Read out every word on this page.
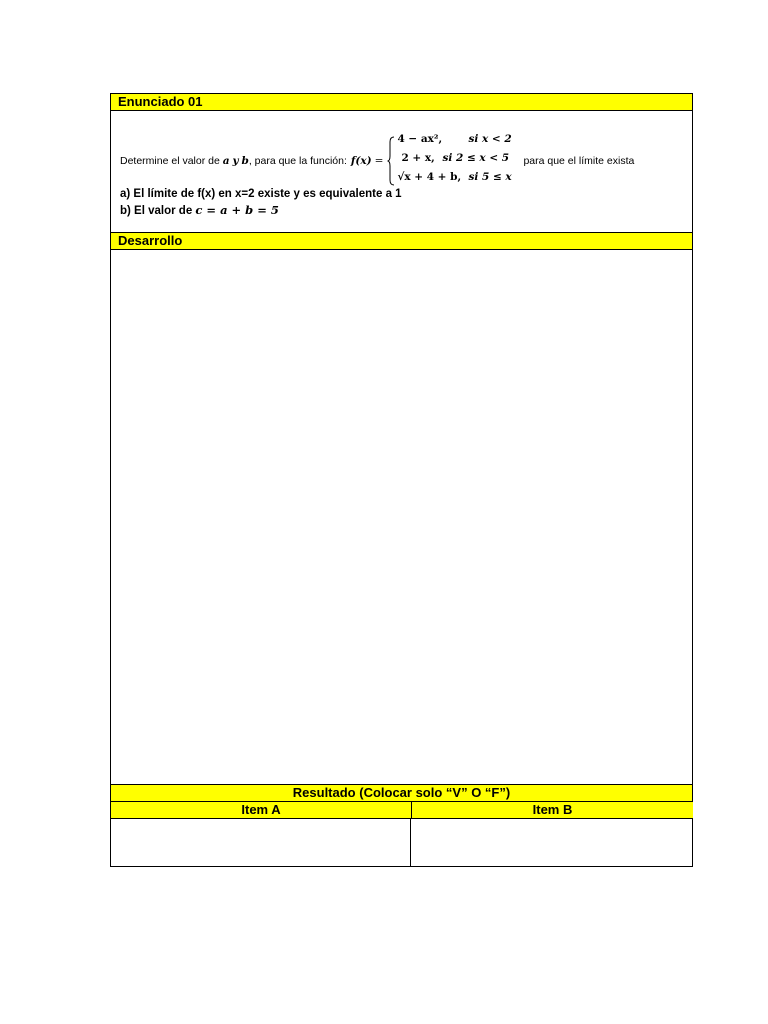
Enunciado 01
Determine el valor de
a
y
b , para que la función: f(x) =
4 − ax²,	si x < 2
2 + x, si 2 ≤ x < 5
√x + 4 + b, si 5 ≤ x
para que el límite exista
a) El límite de f(x) en x=2 existe y es equivalente a 1
b) El valor de c = a + b = 5
Desarrollo
Resultado (Colocar solo “V” O “F”)
Item A	Item B
